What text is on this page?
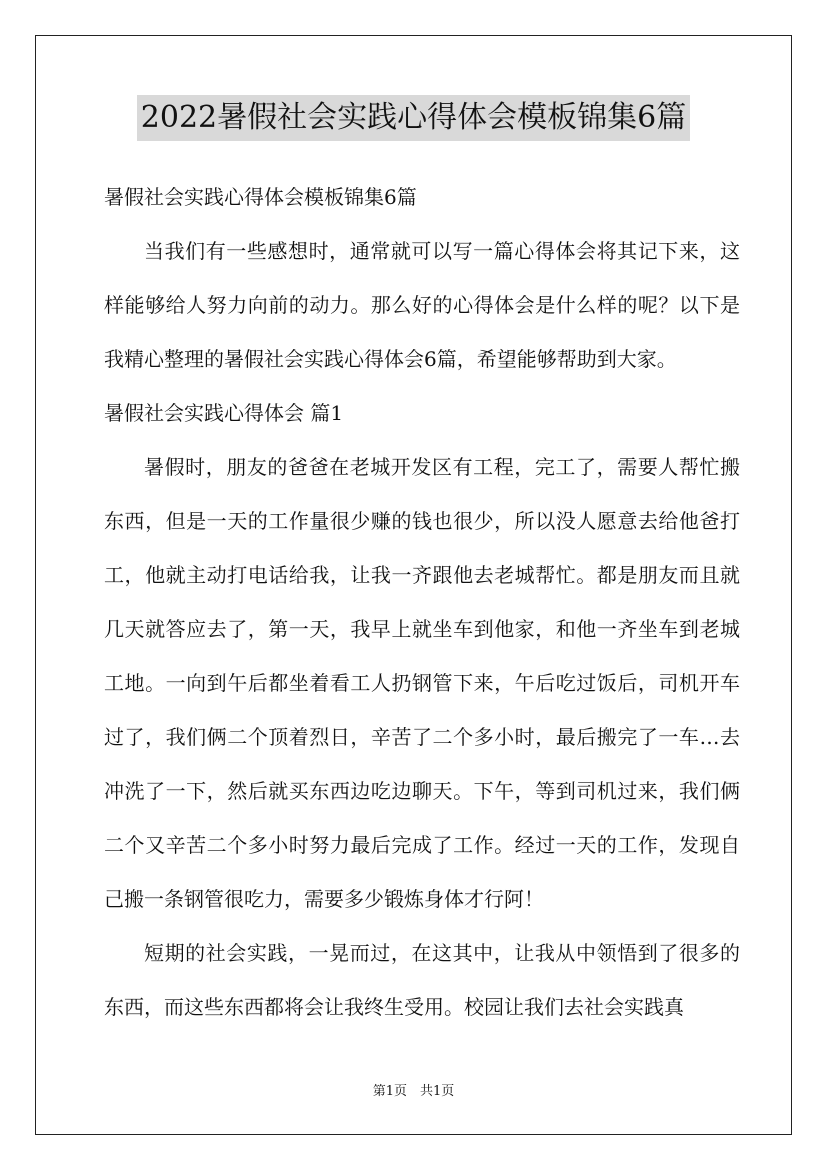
2022暑假社会实践心得体会模板锦集6篇

暑假社会实践心得体会模板锦集6篇

当我们有一些感想时，通常就可以写一篇心得体会将其记下来，这样能够给人努力向前的动力。那么好的心得体会是什么样的呢？以下是我精心整理的暑假社会实践心得体会6篇，希望能够帮助到大家。

暑假社会实践心得体会 篇1

暑假时，朋友的爸爸在老城开发区有工程，完工了，需要人帮忙搬东西，但是一天的工作量很少赚的钱也很少，所以没人愿意去给他爸打工，他就主动打电话给我，让我一齐跟他去老城帮忙。都是朋友而且就几天就答应去了，第一天，我早上就坐车到他家，和他一齐坐车到老城工地。一向到午后都坐着看工人扔钢管下来，午后吃过饭后，司机开车过了，我们俩二个顶着烈日，辛苦了二个多小时，最后搬完了一车…去冲洗了一下，然后就买东西边吃边聊天。下午，等到司机过来，我们俩二个又辛苦二个多小时努力最后完成了工作。经过一天的工作，发现自己搬一条钢管很吃力，需要多少锻炼身体才行阿！

短期的社会实践，一晃而过，在这其中，让我从中领悟到了很多的东西，而这些东西都将会让我终生受用。校园让我们去社会实践真

第1页　共1页
